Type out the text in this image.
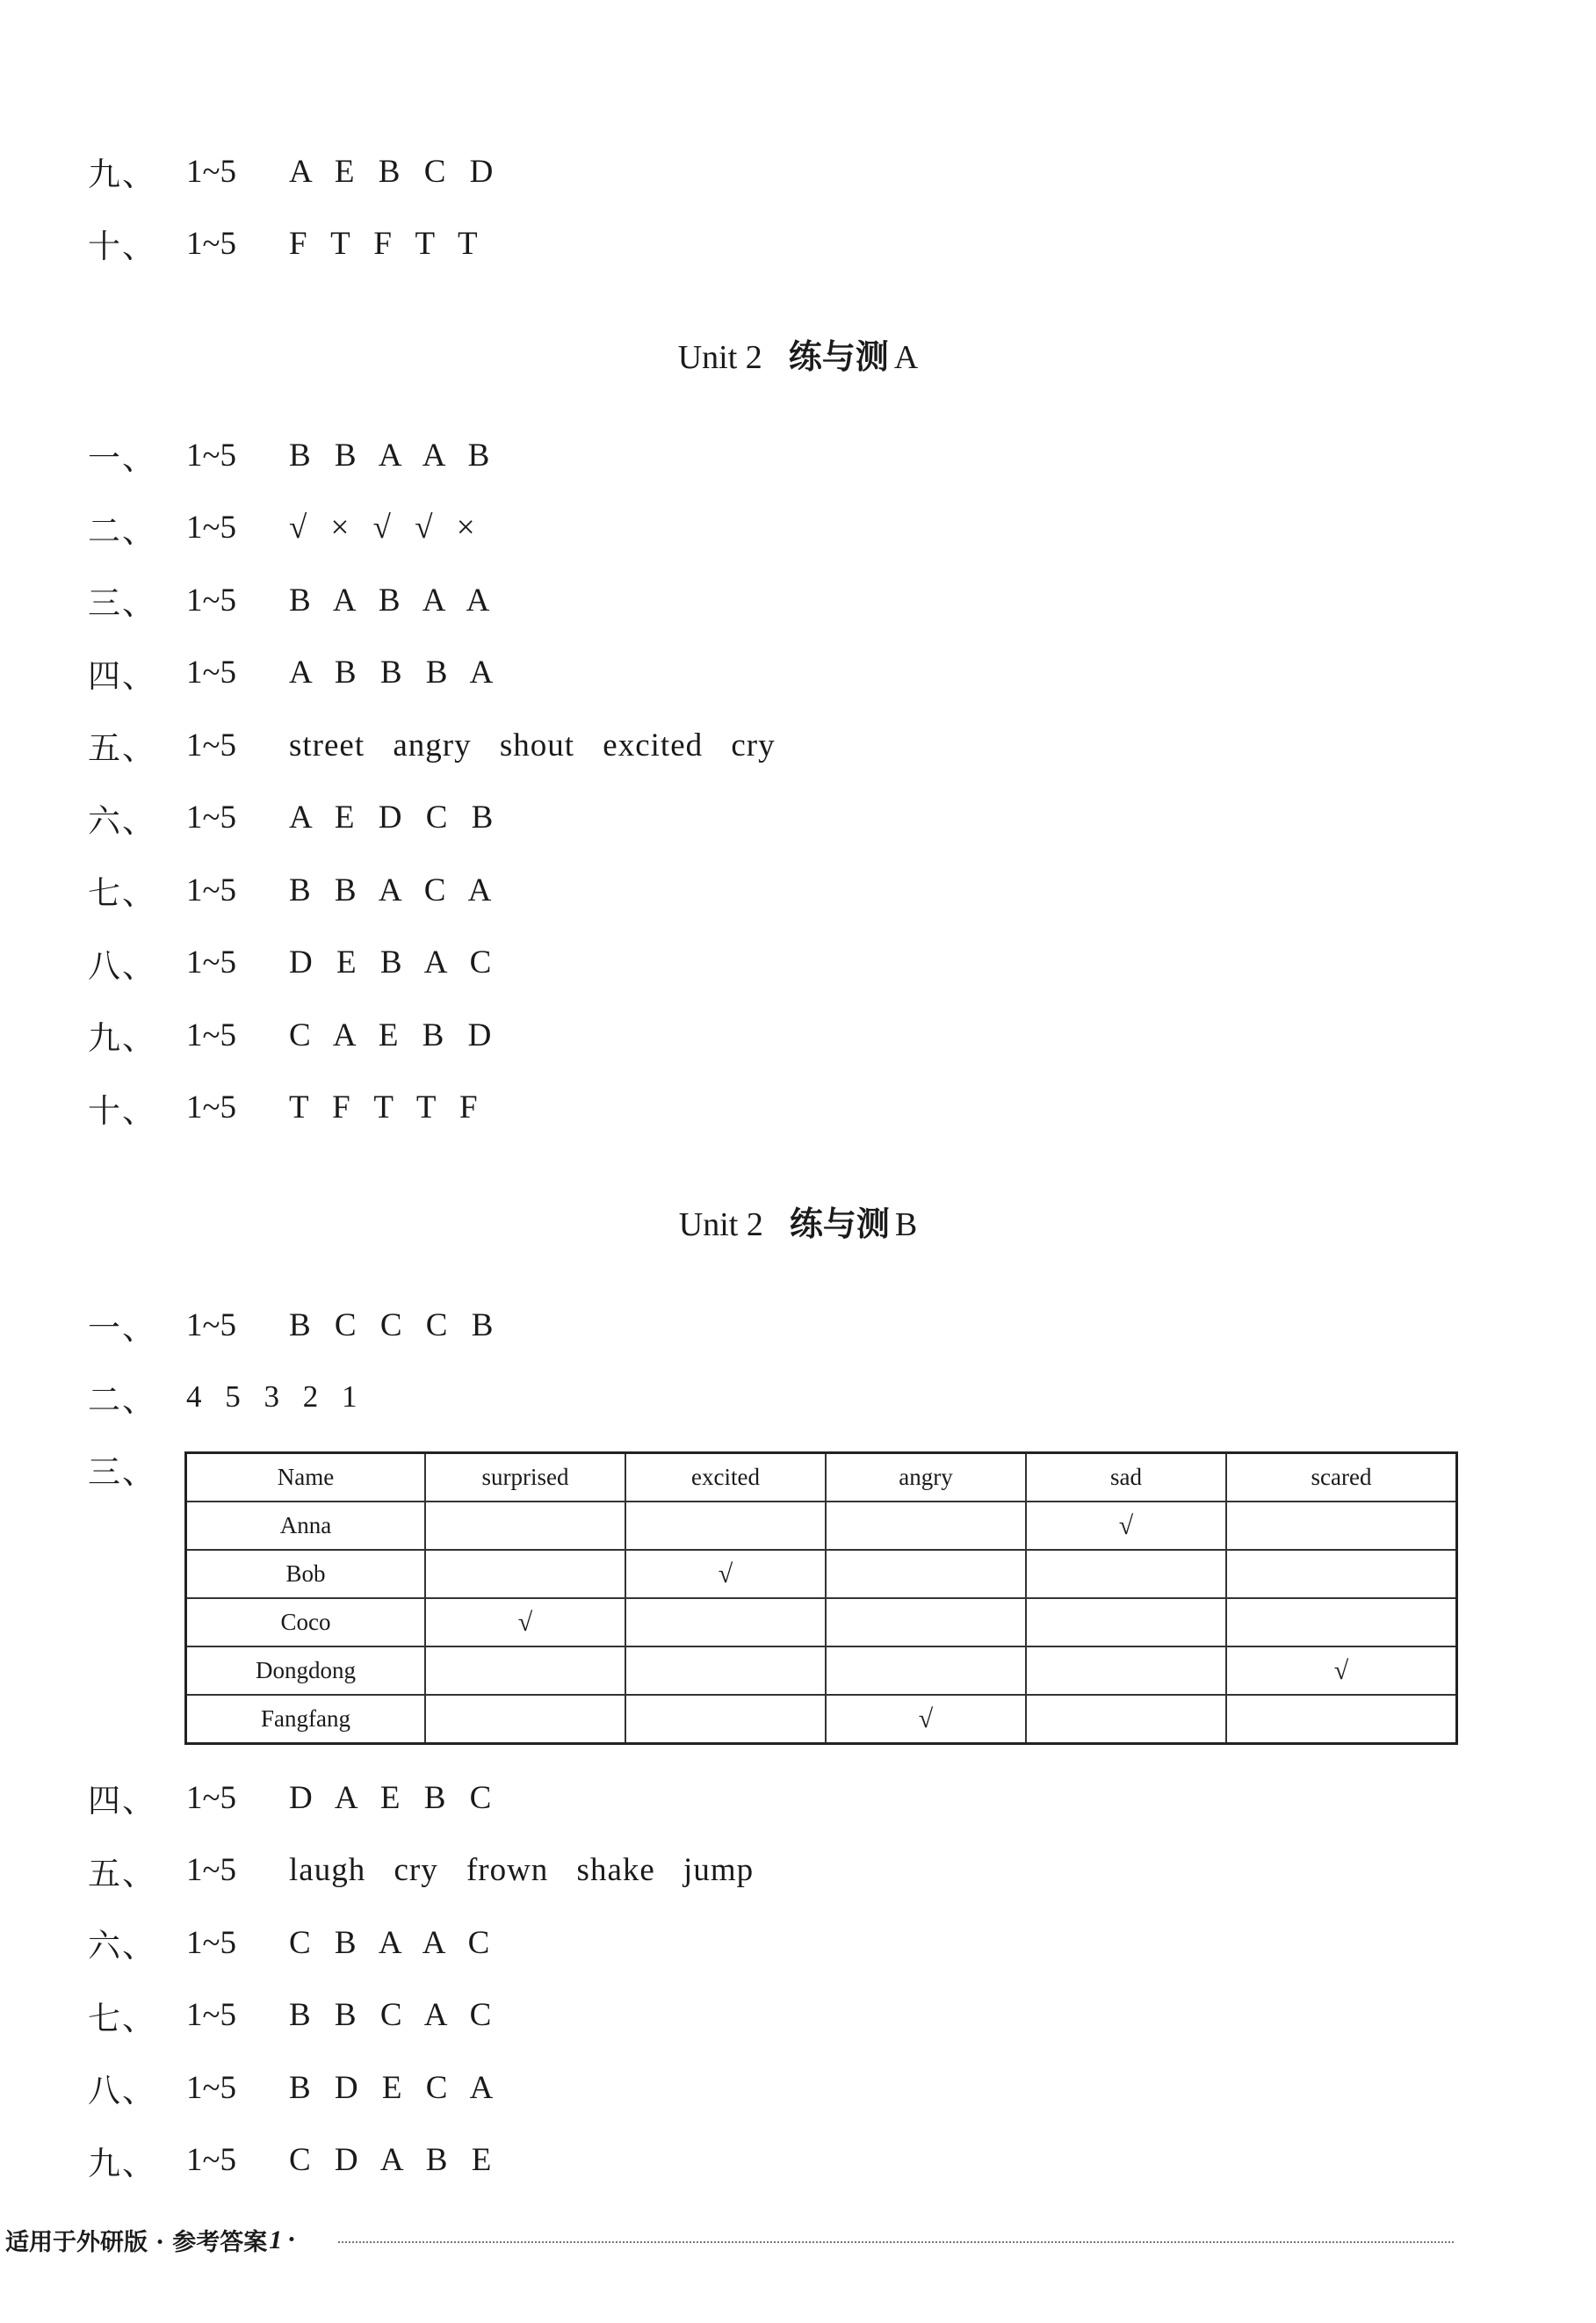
九、 1~5	A E B C D
十、 1~5	F T F T T
Unit 2 练与测 A
一、 1~5	B B A A B
二、 1~5	√ × √ √ ×
三、 1~5	B A B A A
四、 1~5	A B B B A
五、 1~5	street angry shout excited cry
六、 1~5	A E D C B
七、 1~5	B B A C A
八、 1~5	D E B A C
九、 1~5	C A E B D
十、 1~5	T F T T F
Unit 2 练与测 B
一、 1~5	B C C C B
二、 4 5 3 2 1
三、	Name	surprised	excited	angry	sad	scared
Anna				√	
Bob		√			
Coco	√				
Dongdong					√
Fangfang			√		
四、 1~5	D A E B C
五、 1~5	laugh cry frown shake jump
六、 1~5	C B A A C
七、 1~5	B B C A C
八、 1~5	B D E C A
九、 1~5	C D A B E
适用于外研版 · 参考答案 1 ·
